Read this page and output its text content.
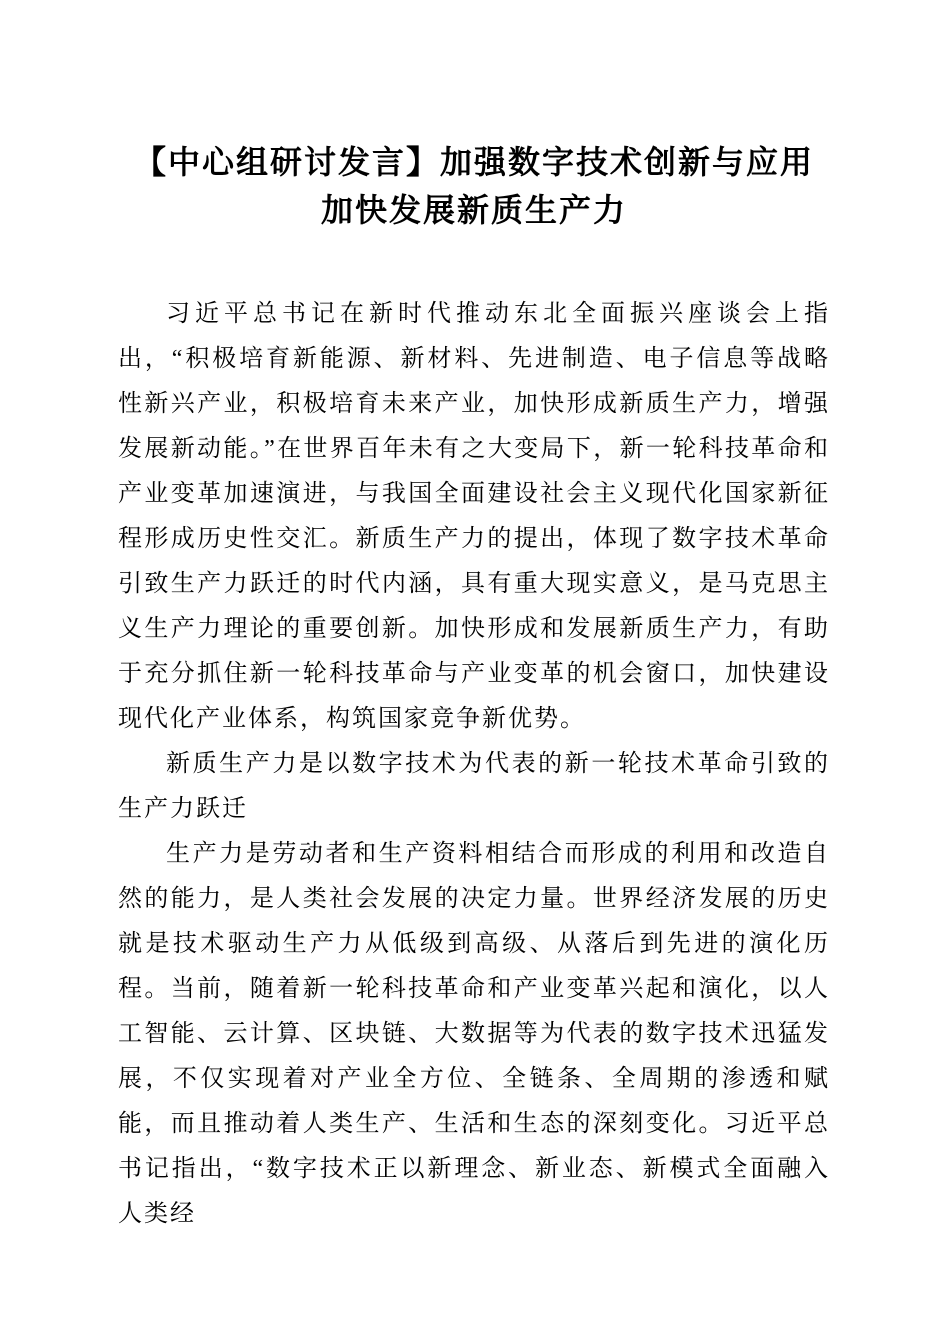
【中心组研讨发言】加强数字技术创新与应用
加快发展新质生产力

习近平总书记在新时代推动东北全面振兴座谈会上指出，“积极培育新能源、新材料、先进制造、电子信息等战略性新兴产业，积极培育未来产业，加快形成新质生产力，增强发展新动能。”在世界百年未有之大变局下，新一轮科技革命和产业变革加速演进，与我国全面建设社会主义现代化国家新征程形成历史性交汇。新质生产力的提出，体现了数字技术革命引致生产力跃迁的时代内涵，具有重大现实意义，是马克思主义生产力理论的重要创新。加快形成和发展新质生产力，有助于充分抓住新一轮科技革命与产业变革的机会窗口，加快建设现代化产业体系，构筑国家竞争新优势。

新质生产力是以数字技术为代表的新一轮技术革命引致的生产力跃迁

生产力是劳动者和生产资料相结合而形成的利用和改造自然的能力，是人类社会发展的决定力量。世界经济发展的历史就是技术驱动生产力从低级到高级、从落后到先进的演化历程。当前，随着新一轮科技革命和产业变革兴起和演化，以人工智能、云计算、区块链、大数据等为代表的数字技术迅猛发展，不仅实现着对产业全方位、全链条、全周期的渗透和赋能，而且推动着人类生产、生活和生态的深刻变化。习近平总书记指出，“数字技术正以新理念、新业态、新模式全面融入人类经
